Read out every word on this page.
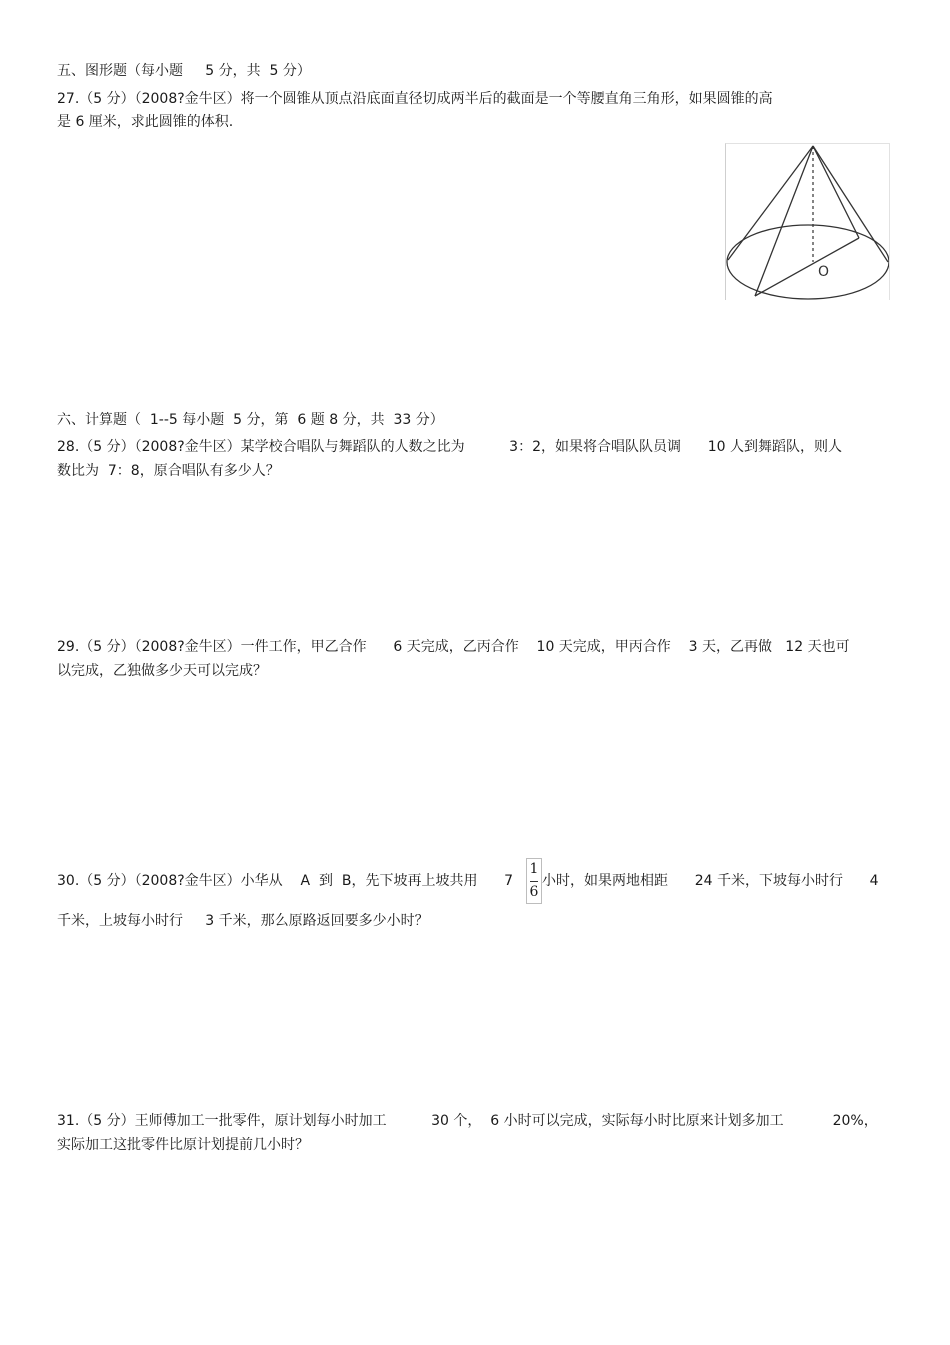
五、图形题（每小题     5 分，共  5 分）
27.（5 分）（2008?金牛区）将一个圆锥从顶点沿底面直径切成两半后的截面是一个等腰直角三角形，如果圆锥的高
是 6 厘米，求此圆锥的体积.
O
六、计算题（  1--5 每小题  5 分，第  6 题 8 分，共  33 分）
28.（5 分）（2008?金牛区）某学校合唱队与舞蹈队的人数之比为          3：2，如果将合唱队队员调      10 人到舞蹈队，则人
数比为  7：8，原合唱队有多少人？
29.（5 分）（2008?金牛区）一件工作，甲乙合作      6 天完成，乙丙合作    10 天完成，甲丙合作    3 天，乙再做   12 天也可
以完成，乙独做多少天可以完成？
30.（5 分）（2008?金牛区）小华从    A  到  B，先下坡再上坡共用      7
1
6
小时，如果两地相距      24 千米，下坡每小时行      4
千米，上坡每小时行     3 千米，那么原路返回要多少小时？
31.（5 分）王师傅加工一批零件，原计划每小时加工          30 个，  6 小时可以完成，实际每小时比原来计划多加工           20%，
实际加工这批零件比原计划提前几小时？
